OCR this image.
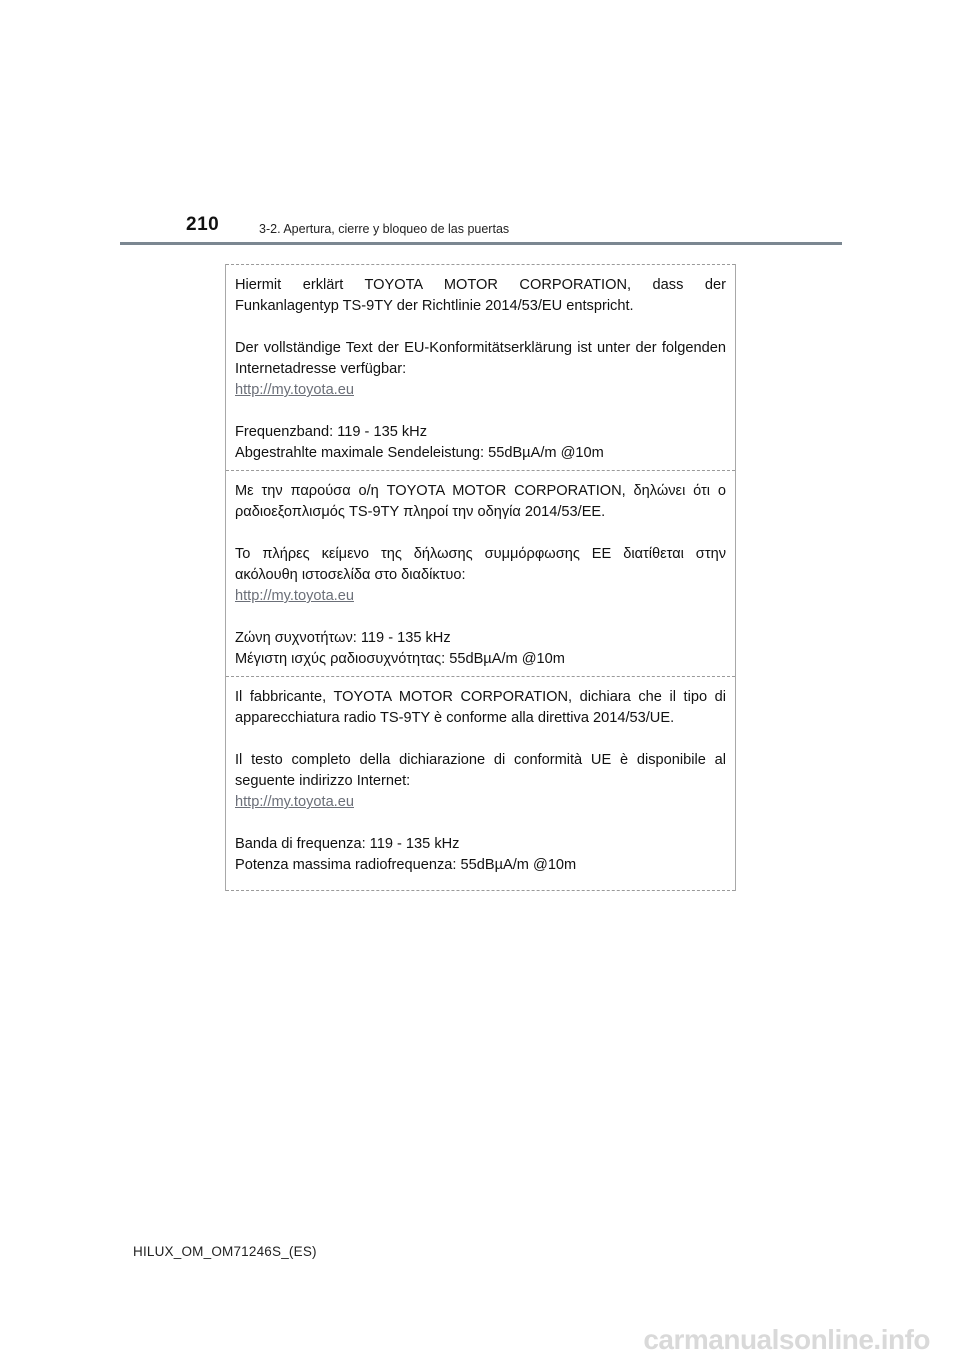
210	3-2. Apertura, cierre y bloqueo de las puertas

Hiermit erklärt TOYOTA MOTOR CORPORATION, dass der Funkanlagentyp TS-9TY der Richtlinie 2014/53/EU entspricht.

Der vollständige Text der EU-Konformitätserklärung ist unter der folgenden Internetadresse verfügbar:
http://my.toyota.eu

Frequenzband: 119 - 135 kHz
Abgestrahlte maximale Sendeleistung: 55dBµA/m @10m

Με την παρούσα ο/η TOYOTA MOTOR CORPORATION, δηλώνει ότι ο ραδιοεξοπλισμός TS-9TY πληροί την οδηγία 2014/53/ΕΕ.

Το πλήρες κείμενο της δήλωσης συμμόρφωσης ΕΕ διατίθεται στην ακόλουθη ιστοσελίδα στο διαδίκτυο:
http://my.toyota.eu

Ζώνη συχνοτήτων: 119 - 135 kHz
Μέγιστη ισχύς ραδιοσυχνότητας: 55dBµA/m @10m

Il fabbricante, TOYOTA MOTOR CORPORATION, dichiara che il tipo di apparecchiatura radio TS-9TY è conforme alla direttiva 2014/53/UE.

Il testo completo della dichiarazione di conformità UE è disponibile al seguente indirizzo Internet:
http://my.toyota.eu

Banda di frequenza: 119 - 135 kHz
Potenza massima radiofrequenza: 55dBµA/m @10m

HILUX_OM_OM71246S_(ES)
carmanualsonline.info
